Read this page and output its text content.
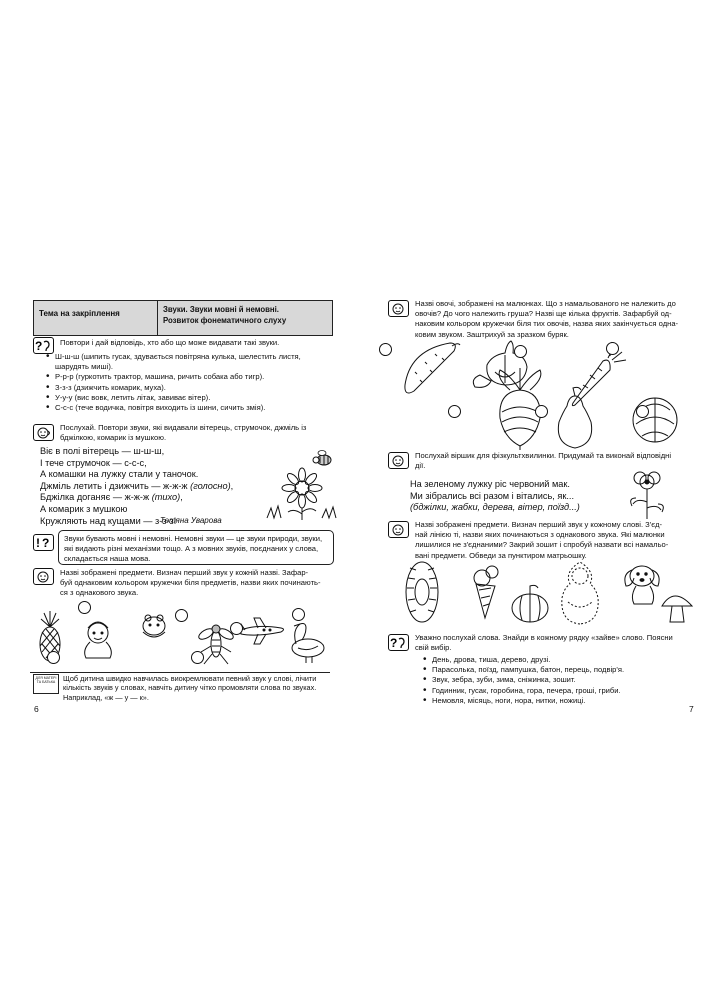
Тема на закріплення	Звуки. Звуки мовні й немовні.
Розвиток фонематичного слуху
? Повтори і дай відповідь, хто або що може видавати такі звуки.
• Ш-ш-ш (шипить гусак, здувається повітряна кулька, шелестить листя, шарудять миші).
• Р-р-р (гуркотить трактор, машина, ричить собака або тигр).
• З-з-з (дзижчить комарик, муха).
• У-у-у (вис вовк, летить літак, завиває вітер).
• С-с-с (тече водичка, повітря виходить із шини, сичить змія).
Послухай. Повтори звуки, які видавали вітерець, струмочок, джміль із
бджілкою, комарик із мушкою.
Віє в полі вітерець — ш-ш-ш,
І тече струмочок — с-с-с,
А комашки на лужку стали у таночок.
Джміль летить і дзижчить — ж-ж-ж (голосно),
Бджілка доганяє — ж-ж-ж (тихо),
А комарик з мушкою
Кружляють над кущами — з-з-з!
Тетяна Уварова
! ? Звуки бувають мовні і немовні. Немовні звуки — це звуки природи, звуки,
які видають різні механізми тощо. А з мовних звуків, поєднаних у слова,
складається наша мова.
Назві зображені предмети. Визнач перший звук у кожній назві. Зафар-
буй однаковим кольором кружечки біля предметів, назви яких починають-
ся з однакового звука.
ДЛЯ МАТЕРІ ТА БАТЬКА	Щоб дитина швидко навчилась виокремлювати певний звук у слові, лічити
кількість звуків у словах, навчіть дитину чітко промовляти слова по звуках.
Наприклад, «ж — у — к».
6
Назві овочі, зображені на малюнках. Що з намальованого не належить до
овочів? До чого належить груша? Назві ще кілька фруктів. Зафарбуй од-
наковим кольором кружечки біля тих овочів, назва яких закінчується одна-
ковим звуком. Заштрихуй за зразком буряк.
Послухай віршик для фізкультхвилинки. Придумай та виконай відповідні
дії.
На зеленому лужку ріс червоний мак.
Ми зібрались всі разом і вітались, як...
(бджілки, жабки, дерева, вітер, поїзд...)
Назві зображені предмети. Визнач перший звук у кожному слові. З'єд-
най лінією ті, назви яких починаються з однакового звука. Які малюнки
лишилися не з'єднаними? Закрий зошит і спробуй назвати всі намальо-
вані предмети. Обведи за пунктиром матрьошку.
? Уважно послухай слова. Знайди в кожному рядку «зайве» слово. Поясни
свій вибір.
• День, дрова, тиша, дерево, друзі.
• Парасолька, поїзд, пампушка, батон, перець, подвір'я.
• Звук, зебра, зуби, зима, сніжинка, зошит.
• Годинник, гусак, горобина, гора, печера, гроші, гриби.
• Немовля, місяць, ноги, нора, нитки, ножиці.
7
